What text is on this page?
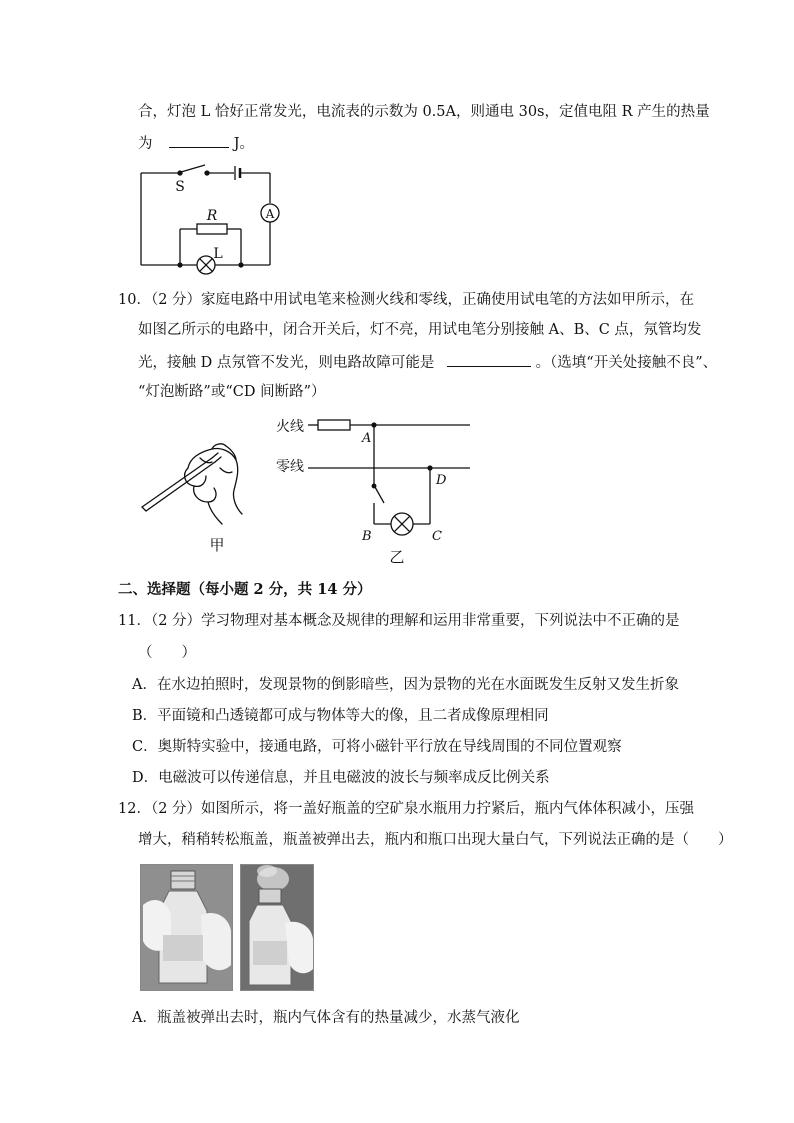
合，灯泡 L 恰好正常发光，电流表的示数为 0.5A，则通电 30s，定值电阻 R 产生的热量
为	J。
S
A
R
L
10．（2 分）家庭电路中用试电笔来检测火线和零线，正确使用试电笔的方法如甲所示，在
如图乙所示的电路中，闭合开关后，灯不亮，用试电笔分别接触 A、B、C 点，氖管均发
光，接触 D 点氖管不发光，则电路故障可能是	。（选填“开关处接触不良”、
“灯泡断路”或“CD 间断路”）
甲
火线
零线
A
D
B	C
乙
二、选择题（每小题 2 分，共 14 分）
11．（2 分）学习物理对基本概念及规律的理解和运用非常重要，下列说法中不正确的是
（　　）
A．在水边拍照时，发现景物的倒影暗些，因为景物的光在水面既发生反射又发生折象
B．平面镜和凸透镜都可成与物体等大的像，且二者成像原理相同
C．奥斯特实验中，接通电路，可将小磁针平行放在导线周围的不同位置观察
D．电磁波可以传递信息，并且电磁波的波长与频率成反比例关系
12．（2 分）如图所示，将一盖好瓶盖的空矿泉水瓶用力拧紧后，瓶内气体体积减小，压强
增大，稍稍转松瓶盖，瓶盖被弹出去，瓶内和瓶口出现大量白气，下列说法正确的是（　　）
A．瓶盖被弹出去时，瓶内气体含有的热量减少，水蒸气液化
